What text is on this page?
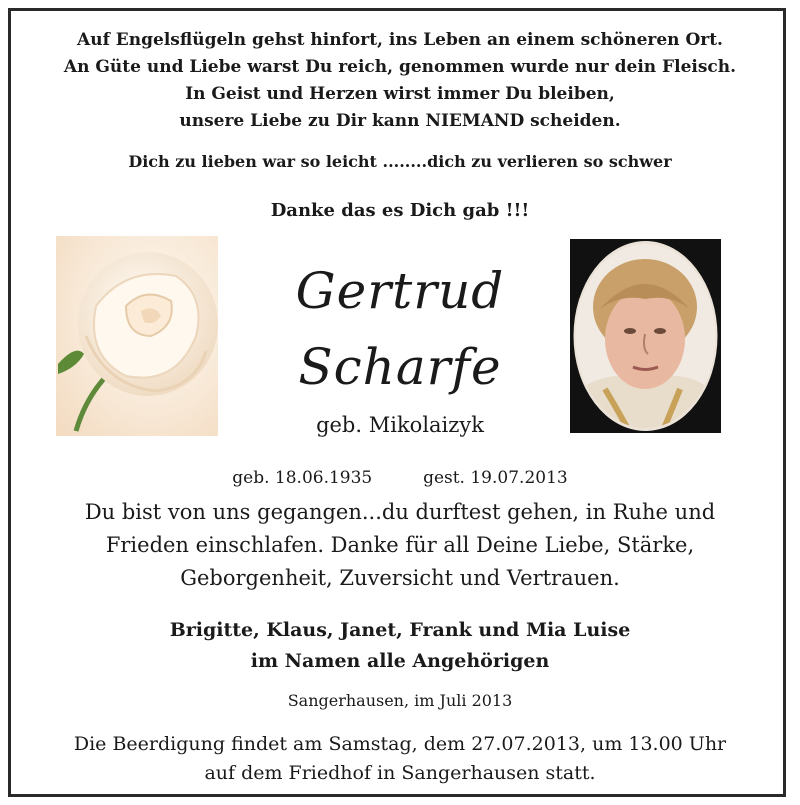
Auf Engelsflügeln gehst hinfort, ins Leben an einem schöneren Ort.
An Güte und Liebe warst Du reich, genommen wurde nur dein Fleisch.
In Geist und Herzen wirst immer Du bleiben,
unsere Liebe zu Dir kann NIEMAND scheiden.
Dich zu lieben war so leicht ........dich zu verlieren so schwer
Danke das es Dich gab !!!
Gertrud
Scharfe
geb. Mikolaizyk
geb. 18.06.1935	gest. 19.07.2013
Du bist von uns gegangen...du durftest gehen, in Ruhe und
Frieden einschlafen. Danke für all Deine Liebe, Stärke,
Geborgenheit, Zuversicht und Vertrauen.
Brigitte, Klaus, Janet, Frank und Mia Luise
im Namen alle Angehörigen
Sangerhausen, im Juli 2013
Die Beerdigung findet am Samstag, dem 27.07.2013, um 13.00 Uhr
auf dem Friedhof in Sangerhausen statt.
